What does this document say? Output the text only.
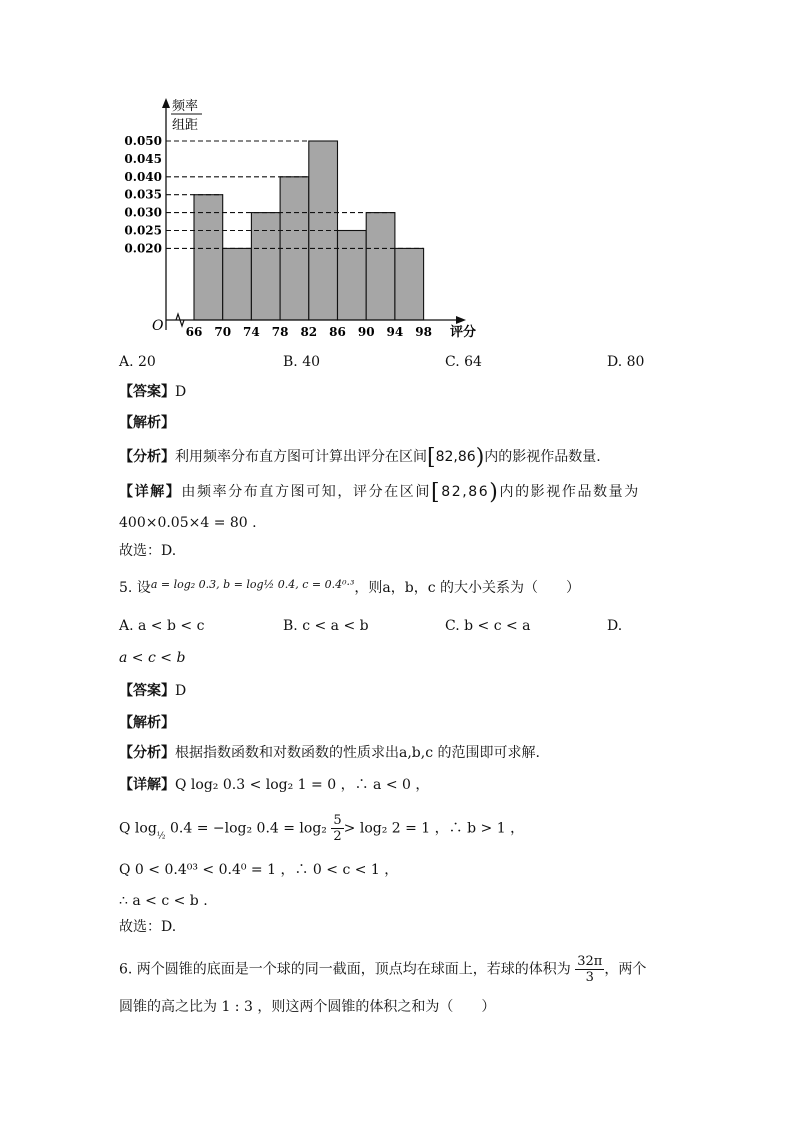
0.050
0.045
0.040
0.035
0.030
0.025
0.020
66 70 74 78 82 86 90 94 98
O
频率
组距
评分
A. 20	B. 40	C. 64	D. 80
【答案】D
【解析】
【分析】利用频率分布直方图可计算出评分在区间[82,86)内的影视作品数量.
【详解】由频率分布直方图可知，评分在区间[82,86)内的影视作品数量为
400×0.05×4 = 80 .
故选：D.
5. 设$^{a = log_2 0.3, b = log\frac{1}{2} 0.4, c = 0.4^0\cdot^3}$，则a，b，c 的大小关系为（　　）
A. a < b < c	B. c < a < b	C. b < c < a	D.
a < c < b
【答案】D
【解析】
【分析】根据指数函数和对数函数的性质求出a,b,c 的范围即可求解.
【详解】Q log₂ 0.3 < log₂ 1 = 0 ，∴ a < 0 ，
Q $\log_{\frac{1}{2}} 0.4 = -\log_2$ $0.4 = \log_2 \frac{5}{2} > \log_2$ 2 = 1 ，∴ b > 1 ，
Q 0 < 0.4⁰³ < 0.4⁰ = 1 ，∴ 0 < c < 1 ，
∴ a < c < b .
故选：D.
6. 两个圆锥的底面是一个球的同一截面，顶点均在球面上，若球的体积为 $\frac{32\pi}{3}$ ，两个
圆锥的高之比为 1 : 3 ，则这两个圆锥的体积之和为（　　）
